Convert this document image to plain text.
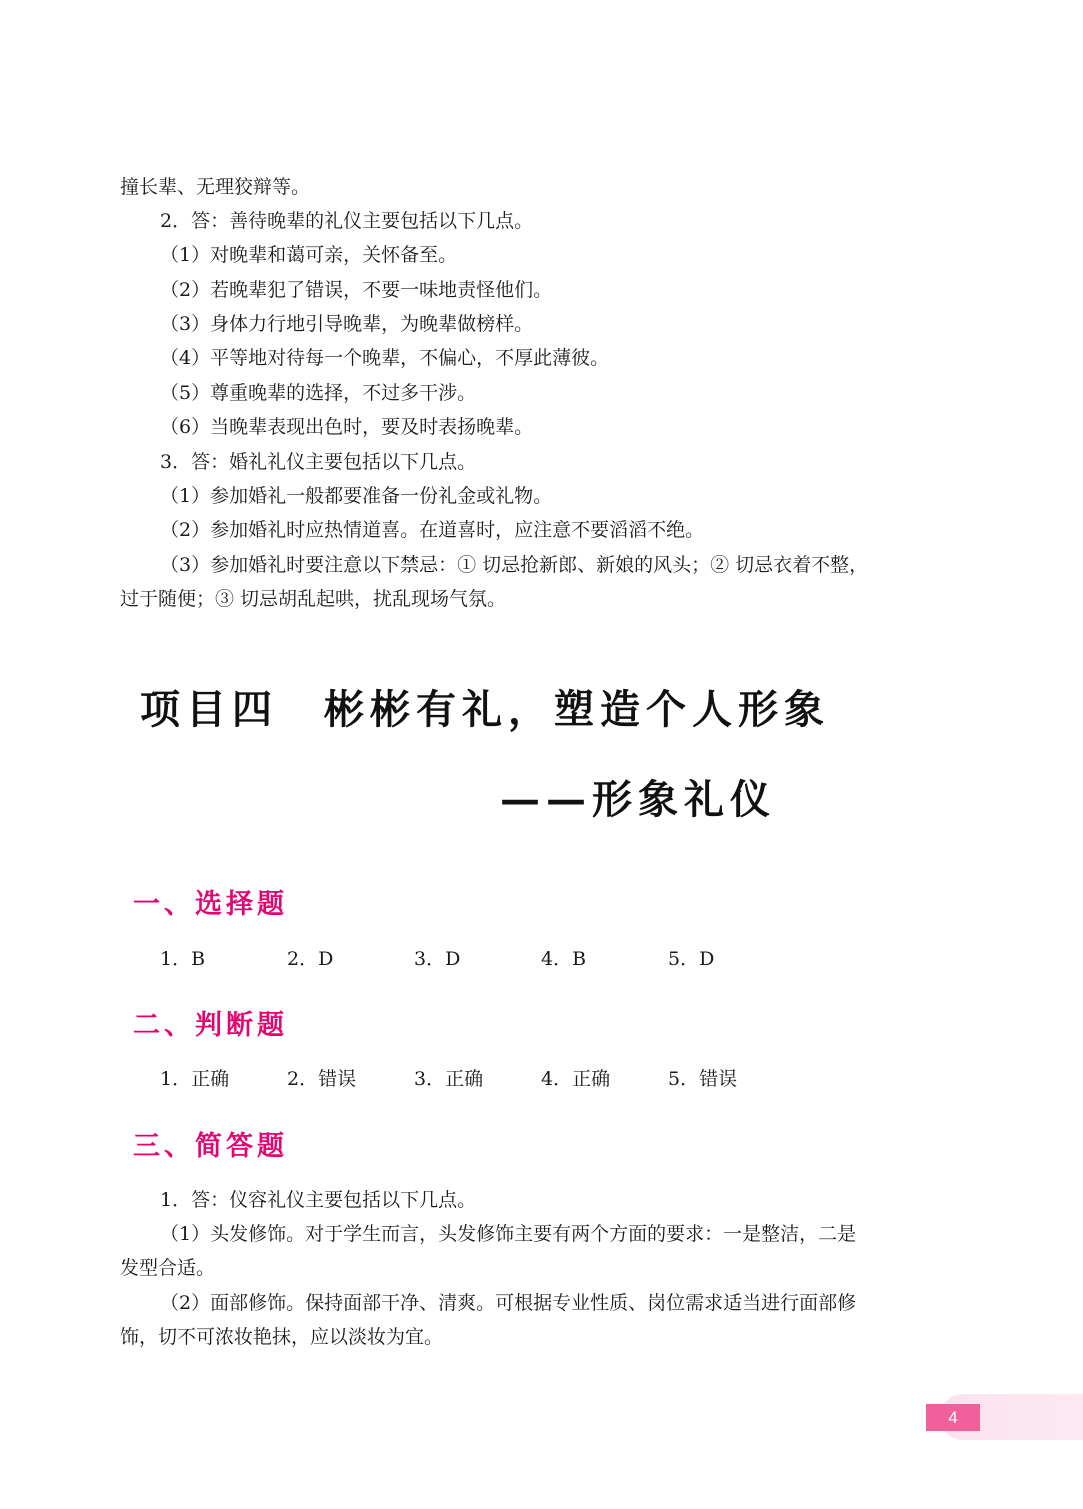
撞长辈、无理狡辩等。
2．答：善待晚辈的礼仪主要包括以下几点。
（1）对晚辈和蔼可亲，关怀备至。
（2）若晚辈犯了错误，不要一味地责怪他们。
（3）身体力行地引导晚辈，为晚辈做榜样。
（4）平等地对待每一个晚辈，不偏心，不厚此薄彼。
（5）尊重晚辈的选择，不过多干涉。
（6）当晚辈表现出色时，要及时表扬晚辈。
3．答：婚礼礼仪主要包括以下几点。
（1）参加婚礼一般都要准备一份礼金或礼物。
（2）参加婚礼时应热情道喜。在道喜时，应注意不要滔滔不绝。
（3）参加婚礼时要注意以下禁忌：① 切忌抢新郎、新娘的风头；② 切忌衣着不整，
过于随便；③ 切忌胡乱起哄，扰乱现场气氛。
项目四　彬彬有礼，塑造个人形象
——形象礼仪
一、选择题
1．B	2．D	3．D	4．B	5．D
二、判断题
1．正确	2．错误	3．正确	4．正确	5．错误
三、简答题
1．答：仪容礼仪主要包括以下几点。
（1）头发修饰。对于学生而言，头发修饰主要有两个方面的要求：一是整洁，二是
发型合适。
（2）面部修饰。保持面部干净、清爽。可根据专业性质、岗位需求适当进行面部修
饰，切不可浓妆艳抹，应以淡妆为宜。
4
